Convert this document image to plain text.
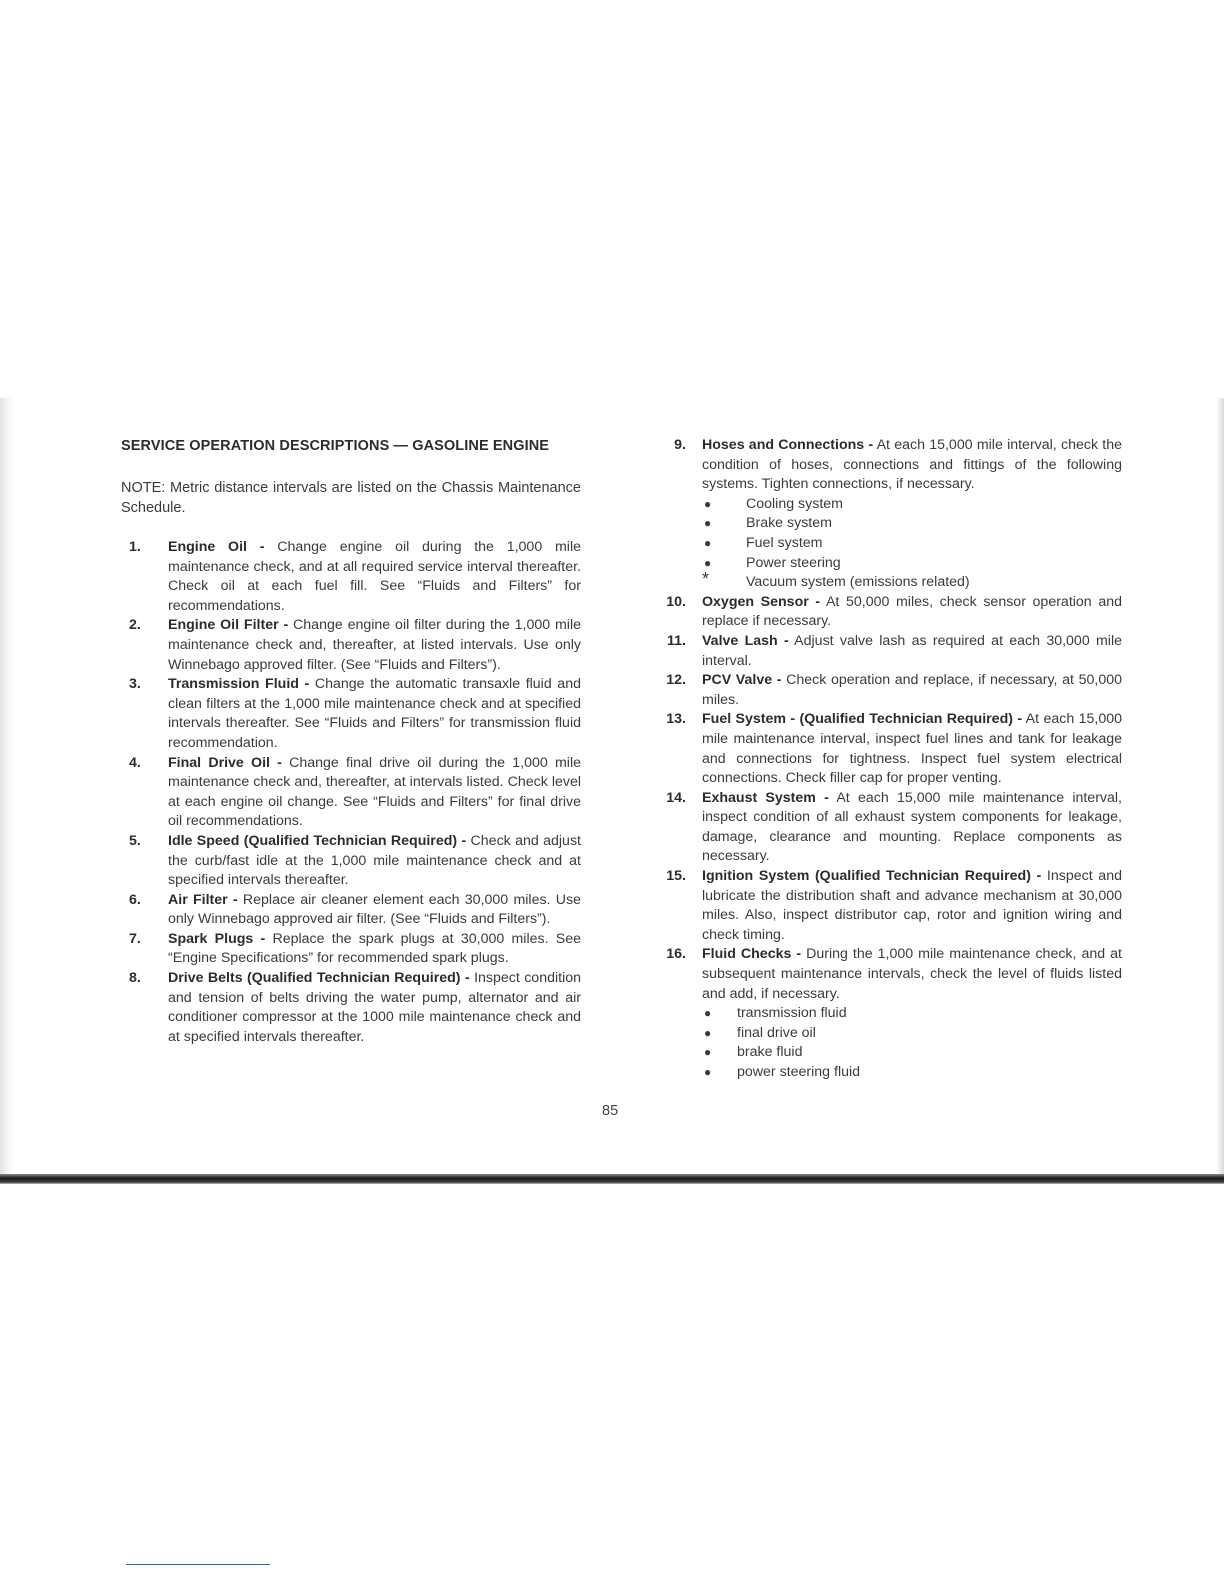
SERVICE OPERATION DESCRIPTIONS — GASOLINE ENGINE
NOTE: Metric distance intervals are listed on the Chassis Maintenance Schedule.
1. Engine Oil - Change engine oil during the 1,000 mile maintenance check, and at all required service interval thereafter. Check oil at each fuel fill. See “Fluids and Filters” for recommendations.
2. Engine Oil Filter - Change engine oil filter during the 1,000 mile maintenance check and, thereafter, at listed intervals. Use only Winnebago approved filter. (See “Fluids and Filters”).
3. Transmission Fluid - Change the automatic transaxle fluid and clean filters at the 1,000 mile maintenance check and at specified intervals thereafter. See “Fluids and Filters” for transmission fluid recommendation.
4. Final Drive Oil - Change final drive oil during the 1,000 mile maintenance check and, thereafter, at intervals listed. Check level at each engine oil change. See “Fluids and Filters” for final drive oil recommendations.
5. Idle Speed (Qualified Technician Required) - Check and adjust the curb/fast idle at the 1,000 mile maintenance check and at specified intervals thereafter.
6. Air Filter - Replace air cleaner element each 30,000 miles. Use only Winnebago approved air filter. (See “Fluids and Filters”).
7. Spark Plugs - Replace the spark plugs at 30,000 miles. See “Engine Specifications” for recommended spark plugs.
8. Drive Belts (Qualified Technician Required) - Inspect condition and tension of belts driving the water pump, alternator and air conditioner compressor at the 1000 mile maintenance check and at specified intervals thereafter.
9. Hoses and Connections - At each 15,000 mile interval, check the condition of hoses, connections and fittings of the following systems. Tighten connections, if necessary.
● Cooling system
● Brake system
● Fuel system
● Power steering
*	Vacuum system (emissions related)
10. Oxygen Sensor - At 50,000 miles, check sensor operation and replace if necessary.
11. Valve Lash - Adjust valve lash as required at each 30,000 mile interval.
12. PCV Valve - Check operation and replace, if necessary, at 50,000 miles.
13. Fuel System - (Qualified Technician Required) - At each 15,000 mile maintenance interval, inspect fuel lines and tank for leakage and connections for tightness. Inspect fuel system electrical connections. Check filler cap for proper venting.
14. Exhaust System - At each 15,000 mile maintenance interval, inspect condition of all exhaust system components for leakage, damage, clearance and mounting. Replace components as necessary.
15. Ignition System (Qualified Technician Required) - Inspect and lubricate the distribution shaft and advance mechanism at 30,000 miles. Also, inspect distributor cap, rotor and ignition wiring and check timing.
16. Fluid Checks - During the 1,000 mile maintenance check, and at subsequent maintenance intervals, check the level of fluids listed and add, if necessary.
● transmission fluid
● final drive oil
● brake fluid
● power steering fluid
85
